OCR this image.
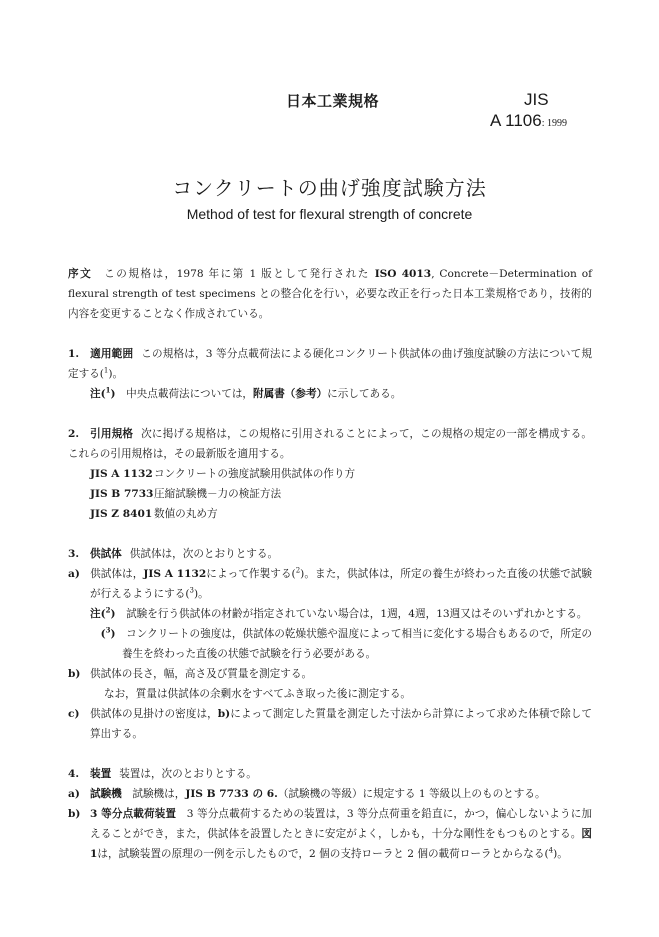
日本工業規格	JIS
A 1106: 1999
コンクリートの曲げ強度試験方法
Method of test for flexural strength of concrete

序文　 この規格は，1978 年に第 1 版として発行された ISO 4013, Concrete－Determination of flexural strength of test specimens との整合化を行い，必要な改正を行った日本工業規格であり，技術的内容を変更することなく作成されている。

1. 適用範囲 この規格は，3 等分点載荷法による硬化コンクリート供試体の曲げ強度試験の方法について規定する($^1$)。

注($^1$)　 中央点載荷法については，附属書（参考）に示してある。

2. 引用規格 次に掲げる規格は，この規格に引用されることによって，この規格の規定の一部を構成する。これらの引用規格は，その最新版を適用する。

JIS A 1132コンクリートの強度試験用供試体の作り方

JIS B 7733圧縮試験機－力の検証方法

JIS Z 8401 数値の丸め方

3. 供試体 供試体は，次のとおりとする。

a) 供試体は，JIS A 1132によって作製する($^2$)。また，供試体は，所定の養生が終わった直後の状態で試験が行えるようにする($^3$)。

注($^2$)　 試験を行う供試体の材齢が指定されていない場合は，1週，4週，13週又はそのいずれかとする。

　($^3$)　 コンクリートの強度は，供試体の乾燥状態や温度によって相当に変化する場合もあるので，所定の養生を終わった直後の状態で試験を行う必要がある。

b) 供試体の長さ，幅，高さ及び質量を測定する。

なお，質量は供試体の余剰水をすべてふき取った後に測定する。

c) 供試体の見掛けの密度は，b)によって測定した質量を測定した寸法から計算によって求めた体積で除して算出する。

4. 装置 装置は，次のとおりとする。

a) 試験機　 試験機は，JIS B 7733 の 6.（試験機の等級）に規定する 1 等級以上のものとする。

b) 3 等分点載荷装置　 3 等分点載荷するための装置は，3 等分点荷重を鉛直に，かつ，偏心しないように加えることができ，また，供試体を設置したときに安定がよく，しかも，十分な剛性をもつものとする。図 1は，試験装置の原理の一例を示したもので，2 個の支持ローラと 2 個の載荷ローラとからなる($^4$)。
